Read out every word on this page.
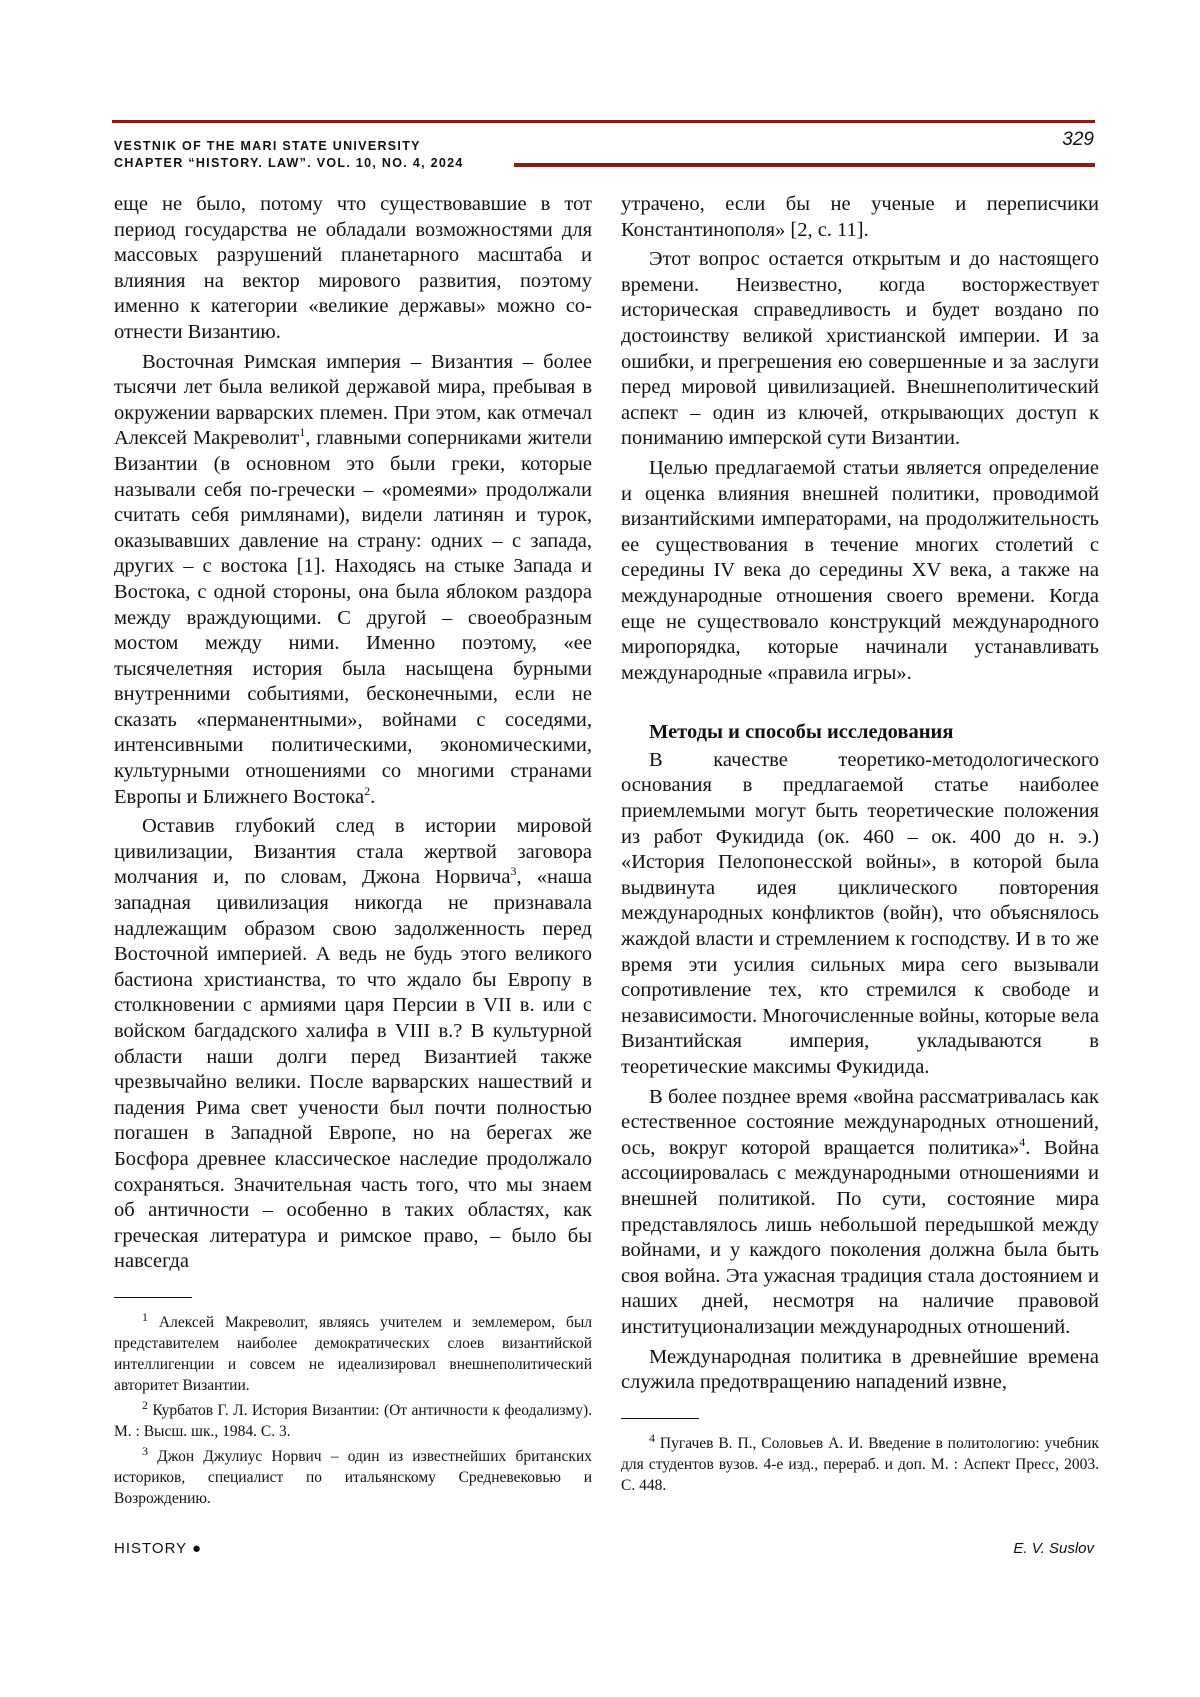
VESTNIK OF THE MARI STATE UNIVERSITY
CHAPTER “HISTORY. LAW”. VOL. 10, NO. 4, 2024
329

еще не было, потому что существовавшие в тот период государства не обладали возможностями для массовых разрушений планетарного масштаба и влияния на вектор мирового развития, поэтому именно к категории «великие державы» можно со-отнести Византию.

Восточная Римская империя – Византия – более тысячи лет была великой державой мира, пребывая в окружении варварских племен. При этом, как отмечал Алексей Макреволит$^1$, главными соперниками жители Византии (в основном это были греки, которые называли себя по-гречески – «ромеями» продолжали считать себя римлянами), видели латинян и турок, оказывавших давление на страну: одних – с запада, других – с востока [1]. Находясь на стыке Запада и Востока, с одной стороны, она была яблоком раздора между враждующими. С другой – своеобразным мостом между ними. Именно поэтому, «ее тысячелетняя история была насыщена бурными внутренними событиями, бесконечными, если не сказать «перманентными», войнами с соседями, интенсивными политическими, экономическими, культурными отношениями со многими странами Европы и Ближнего Востока$^2$.

Оставив глубокий след в истории мировой цивилизации, Византия стала жертвой заговора молчания и, по словам, Джона Норвича$^3$, «наша западная цивилизация никогда не признавала надлежащим образом свою задолженность перед Восточной империей. А ведь не будь этого великого бастиона христианства, то что ждало бы Европу в столкновении с армиями царя Персии в VII в. или с войском багдадского халифа в VIII в.? В культурной области наши долги перед Византией также чрезвычайно велики. После варварских нашествий и падения Рима свет учености был почти полностью погашен в Западной Европе, но на берегах же Босфора древнее классическое наследие продолжало сохраняться. Значительная часть того, что мы знаем об античности – особенно в таких областях, как греческая литература и римское право, – было бы навсегда

$^1$ Алексей Макреволит, являясь учителем и землемером, был представителем наиболее демократических слоев византийской интеллигенции и совсем не идеализировал внешнеполитический авторитет Византии.

$^2$ Курбатов Г. Л. История Византии: (От античности к феодализму). М. : Высш. шк., 1984. С. 3.

$^3$ Джон Джулиус Норвич – один из известнейших британских историков, специалист по итальянскому Средневековью и Возрождению.

утрачено, если бы не ученые и переписчики Константинополя» [2, с. 11].

Этот вопрос остается открытым и до настоящего времени. Неизвестно, когда восторжествует историческая справедливость и будет воздано по достоинству великой христианской империи. И за ошибки, и прегрешения ею совершенные и за заслуги перед мировой цивилизацией. Внешнеполитический аспект – один из ключей, открывающих доступ к пониманию имперской сути Византии.

Целью предлагаемой статьи является определение и оценка влияния внешней политики, проводимой византийскими императорами, на продолжительность ее существования в течение многих столетий с середины IV века до середины XV века, а также на международные отношения своего времени. Когда еще не существовало конструкций международного миропорядка, которые начинали устанавливать международные «правила игры».

Методы и способы исследования

В качестве теоретико-методологического основания в предлагаемой статье наиболее приемлемыми могут быть теоретические положения из работ Фукидида (ок. 460 – ок. 400 до н. э.) «История Пелопонесской войны», в которой была выдвинута идея циклического повторения международных конфликтов (войн), что объяснялось жаждой власти и стремлением к господству. И в то же время эти усилия сильных мира сего вызывали сопротивление тех, кто стремился к свободе и независимости. Многочисленные войны, которые вела Византийская империя, укладываются в теоретические максимы Фукидида.

В более позднее время «война рассматривалась как естественное состояние международных отношений, ось, вокруг которой вращается политика»$^4$. Война ассоциировалась с международными отношениями и внешней политикой. По сути, состояние мира представлялось лишь небольшой передышкой между войнами, и у каждого поколения должна была быть своя война. Эта ужасная традиция стала достоянием и наших дней, несмотря на наличие правовой институционализации международных отношений.

Международная политика в древнейшие времена служила предотвращению нападений извне,

$^4$ Пугачев В. П., Соловьев А. И. Введение в политологию: учебник для студентов вузов. 4-е изд., перераб. и доп. М. : Аспект Пресс, 2003. С. 448.

HISTORY ●	E. V. Suslov
